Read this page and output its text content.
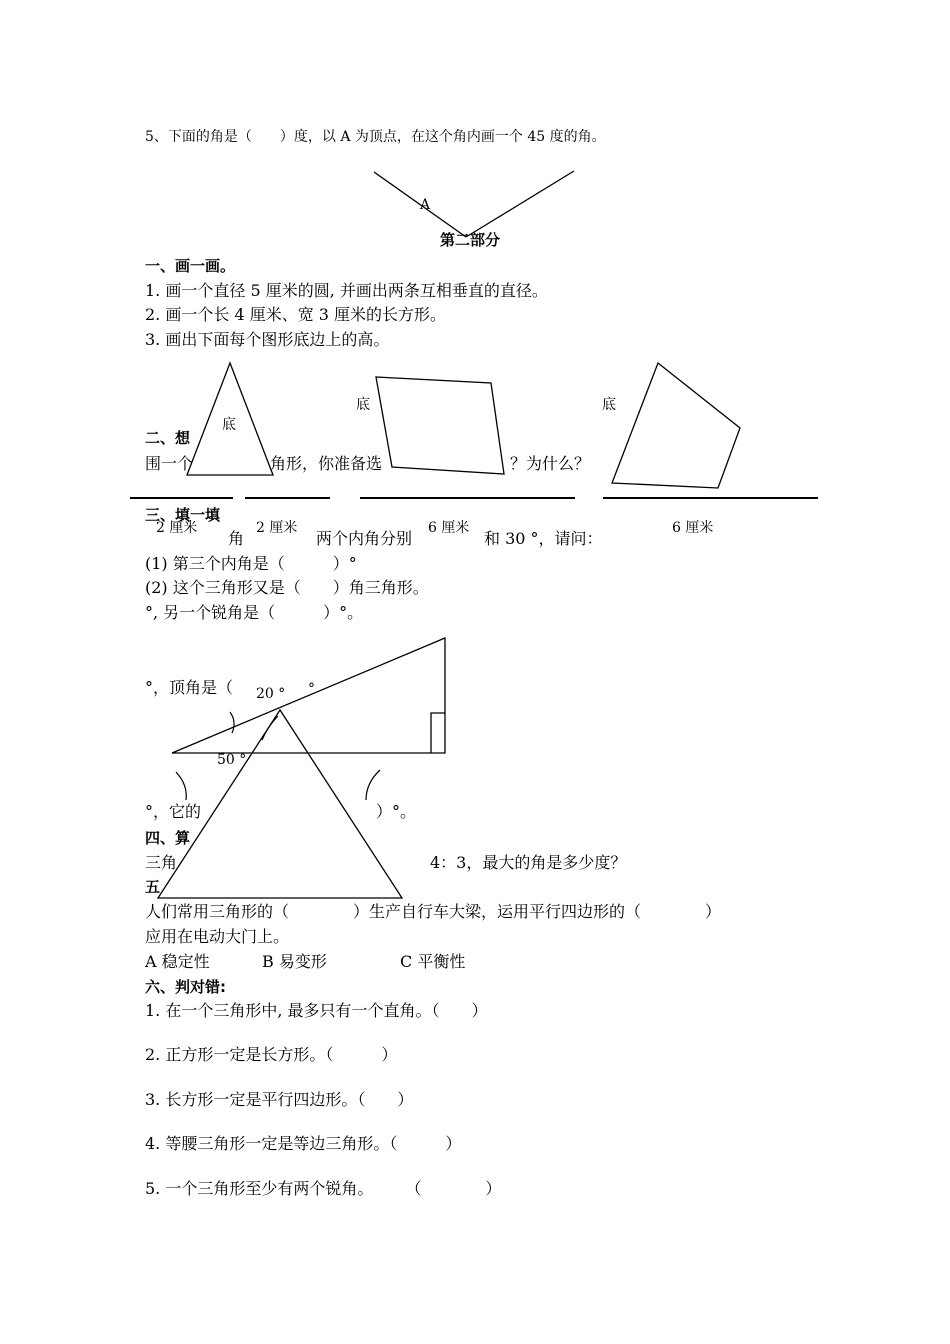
5、下面的角是（　　）度，以 A 为顶点，在这个角内画一个 45 度的角。
A
第二部分
一、画一画。
1. 画一个直径 5 厘米的圆, 并画出两条互相垂直的直径。
2. 画一个长 4 厘米、宽 3 厘米的长方形。
3. 画出下面每个图形底边上的高。
二、想
围一个	角形，你准备选	？为什么？
底
底	底
三、填一填
2 厘米	2 厘米	6 厘米	6 厘米
角	两个内角分别	和 30 °，请问：
(1) 第三个内角是（　　　）°
(2) 这个三角形又是（　　）角三角形。
°, 另一个锐角是（　　　）°。
°，顶角是（	°
°，它的	）°。
20 °
50 °
四、算
三角	4：3，最大的角是多少度？
五
人们常用三角形的（　　　　）生产自行车大梁，运用平行四边形的（　　　　）
应用在电动大门上。
A 稳定性	B 易变形	C 平衡性
六、判对错:
1. 在一个三角形中, 最多只有一个直角。（　　）
2. 正方形一定是长方形。（　　　）
3. 长方形一定是平行四边形。（　　）
4. 等腰三角形一定是等边三角形。（　　　）
5. 一个三角形至少有两个锐角。　　　（　　　　）
